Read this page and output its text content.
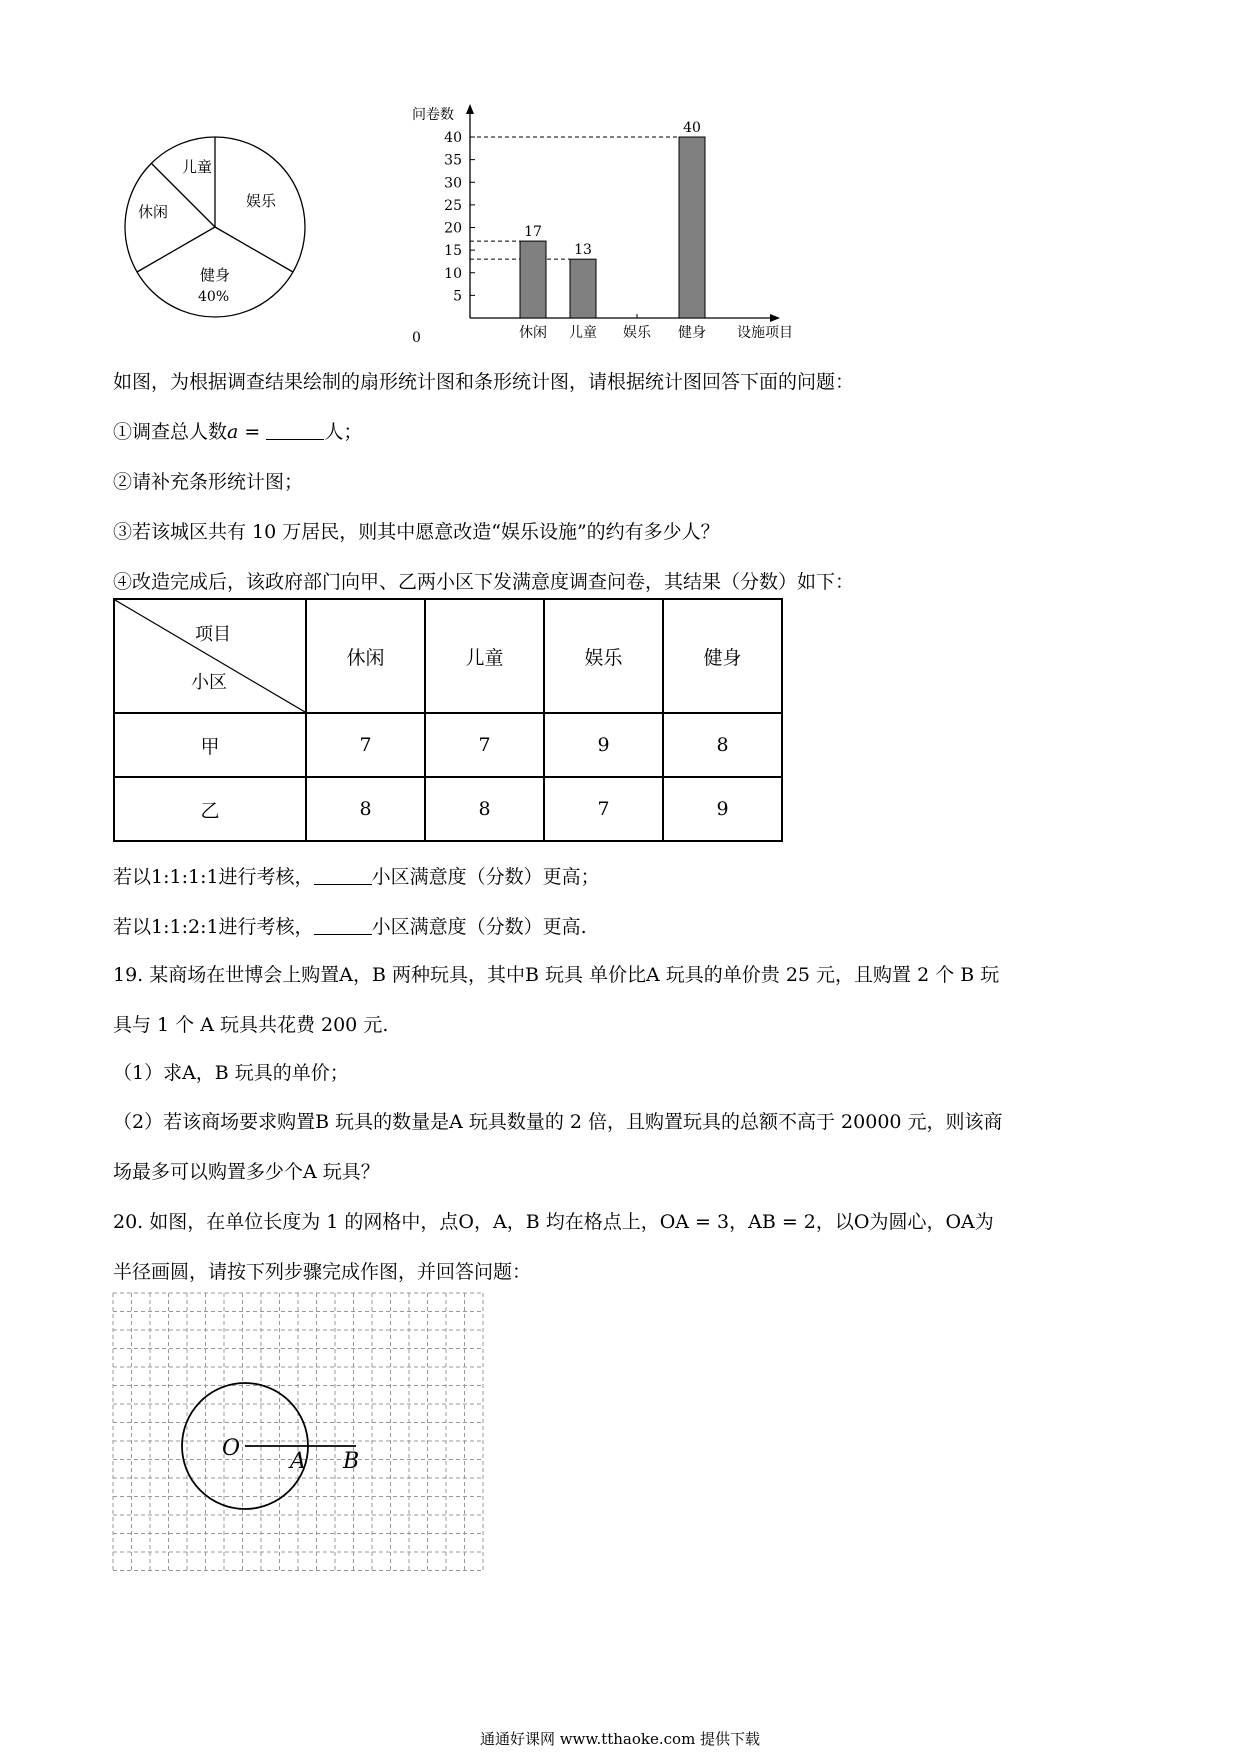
儿童
娱乐
休闲
健身
40%
问卷数
设施项目
0
5
10
15
20
25
30
35
40
17
13
40
休闲 儿童 娱乐 健身
如图，为根据调查结果绘制的扇形统计图和条形统计图，请根据统计图回答下面的问题：
①调查总人数a =	人；
②请补充条形统计图；
③若该城区共有 10 万居民，则其中愿意改造“娱乐设施”的约有多少人？
④改造完成后，该政府部门向甲、乙两小区下发满意度调查问卷，其结果（分数）如下：
项目
小区	休闲	儿童	娱乐	健身
甲	7	7	9	8
乙	8	8	7	9
若以1:1:1:1进行考核，	小区满意度（分数）更高；
若以1:1:2:1进行考核，	小区满意度（分数）更高.
19. 某商场在世博会上购置A，B 两种玩具，其中B 玩具 单价比A 玩具的单价贵 25 元，且购置 2 个 B 玩
具与 1 个 A 玩具共花费 200 元.
（1）求A，B 玩具的单价；
（2）若该商场要求购置B 玩具的数量是A 玩具数量的 2 倍，且购置玩具的总额不高于 20000 元，则该商
场最多可以购置多少个A 玩具？
20. 如图，在单位长度为 1 的网格中，点O，A，B 均在格点上，OA = 3，AB = 2，以O为圆心，OA为
半径画圆，请按下列步骤完成作图，并回答问题：
O
A B
通通好课网 www.tthaoke.com 提供下载
